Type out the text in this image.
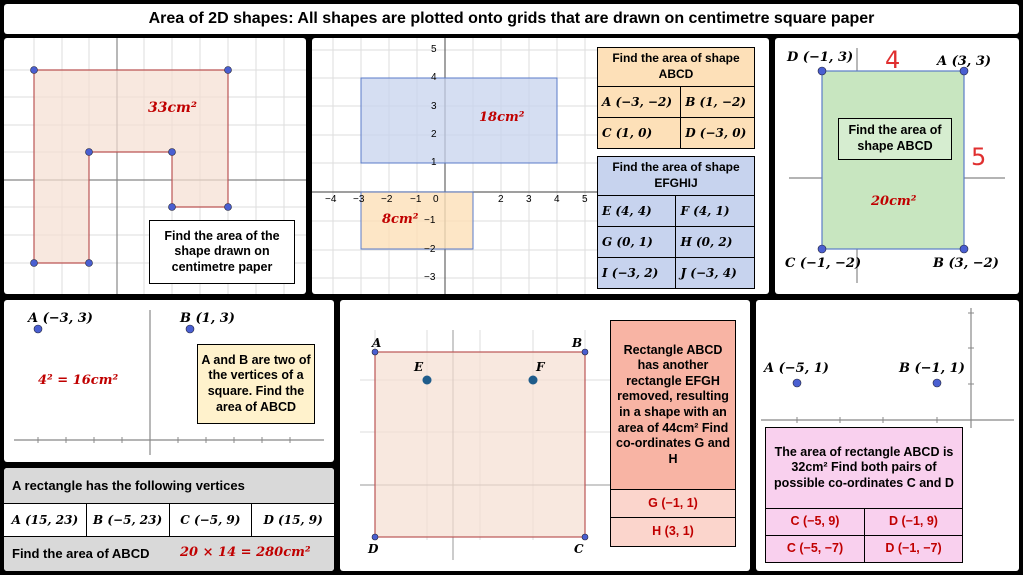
Area of 2D shapes: All shapes are plotted onto grids that are drawn on centimetre square paper
33cm²
Find the area of the shape drawn on centimetre paper
−4 −3 −2 −1 0	2 3 4 5
5
4
3
2
1
−1
−2
−3
18cm²
8cm²
Find the area of shape ABCD	
A (−3, −2)	B (1, −2)
C (1, 0)	D (−3, 0)
Find the area of shape EFGHIJ	
E (4, 4)	F (4, 1)
G (0, 1)	H (0, 2)
I (−3, 2)	J (−3, 4)
D (−1, 3)	A (3, 3)
C (−1, −2)	B (3, −2)
4
5
Find the area of shape ABCD
20cm²
A (−3, 3)	B (1, 3)
4² = 16cm²
A and B are two of the vertices of a square. Find the area of ABCD
A rectangle has the following vertices
A (15, 23)	B (−5, 23)	C (−5, 9)	D (15, 9)
Find the area of ABCD 20 × 14 = 280cm²
A	B
D	C
E	F
Rectangle ABCD has another rectangle EFGH removed, resulting in a shape with an area of 44cm² Find co-ordinates G and H
G (−1, 1)
H (3, 1)
A (−5, 1)	B (−1, 1)
The area of rectangle ABCD is 32cm² Find both pairs of possible co-ordinates C and D
C (−5, 9)	D (−1, 9)
C (−5, −7)	D (−1, −7)
